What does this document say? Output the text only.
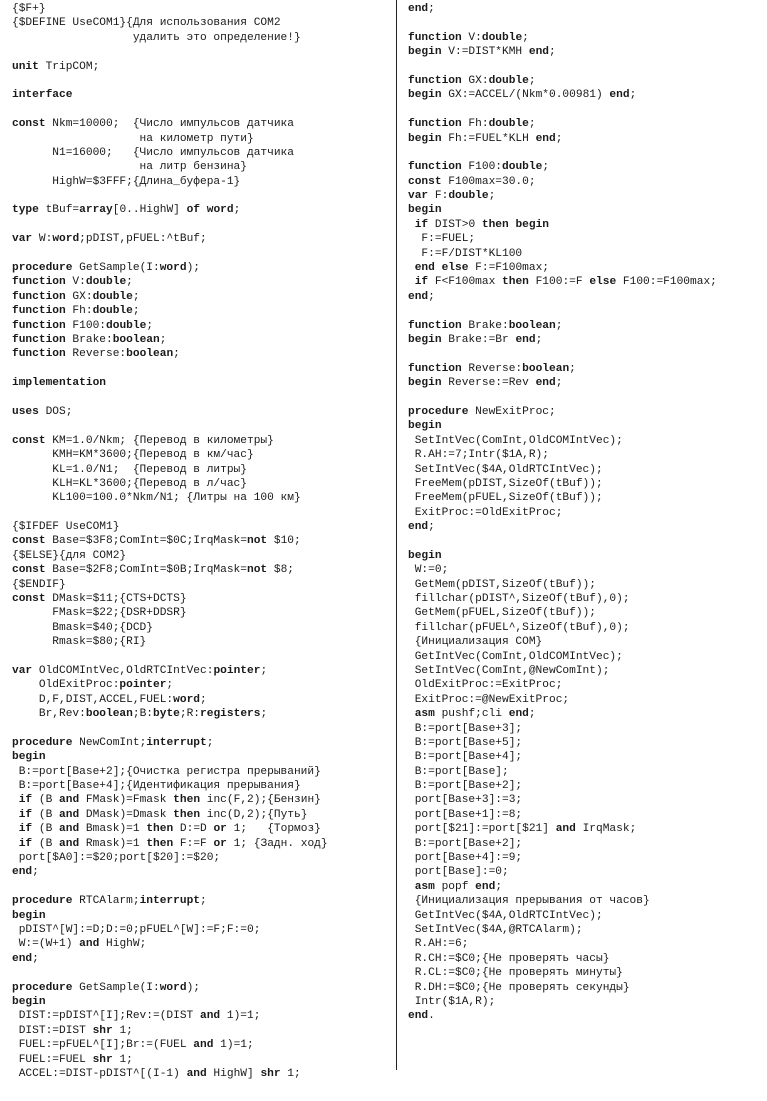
{$F+}
{$DEFINE UseCOM1}{Для использования COM2
удалить это определение!}

unit TripCOM;

interface

const Nkm=10000;  {Число импульсов датчика
на километр пути}
N1=16000;   {Число импульсов датчика
на литр бензина}
HighW=$3FFF;{Длина_буфера-1}

type tBuf=array[0..HighW] of word;

var W:word;pDIST,pFUEL:^tBuf;

procedure GetSample(I:word);
function V:double;
function GX:double;
function Fh:double;
function F100:double;
function Brake:boolean;
function Reverse:boolean;

implementation

uses DOS;

const KM=1.0/Nkm; {Перевод в километры}
KMH=KM*3600;{Перевод в км/час}
KL=1.0/N1;  {Перевод в литры}
KLH=KL*3600;{Перевод в л/час}
KL100=100.0*Nkm/N1; {Литры на 100 км}

{$IFDEF UseCOM1}
const Base=$3F8;ComInt=$0C;IrqMask=not $10;
{$ELSE}{для COM2}
const Base=$2F8;ComInt=$0B;IrqMask=not $8;
{$ENDIF}
const DMask=$11;{CTS+DCTS}
FMask=$22;{DSR+DDSR}
Bmask=$40;{DCD}
Rmask=$80;{RI}

var OldCOMIntVec,OldRTCIntVec:pointer;
OldExitProc:pointer;
D,F,DIST,ACCEL,FUEL:word;
Br,Rev:boolean;B:byte;R:registers;

procedure NewComInt;interrupt;
begin
B:=port[Base+2];{Очистка регистра прерываний}
B:=port[Base+4];{Идентификация прерывания}
if (B and FMask)=Fmask then inc(F,2);{Бензин}
if (B and DMask)=Dmask then inc(D,2);{Путь}
if (B and Bmask)=1 then D:=D or 1;   {Тормоз}
if (B and Rmask)=1 then F:=F or 1; {Задн. ход}
port[$A0]:=$20;port[$20]:=$20;
end;

procedure RTCAlarm;interrupt;
begin
pDIST^[W]:=D;D:=0;pFUEL^[W]:=F;F:=0;
W:=(W+1) and HighW;
end;

procedure GetSample(I:word);
begin
DIST:=pDIST^[I];Rev:=(DIST and 1)=1;
DIST:=DIST shr 1;
FUEL:=pFUEL^[I];Br:=(FUEL and 1)=1;
FUEL:=FUEL shr 1;
ACCEL:=DIST-pDIST^[(I-1) and HighW] shr 1;
end;

function V:double;
begin V:=DIST*KMH end;

function GX:double;
begin GX:=ACCEL/(Nkm*0.00981) end;

function Fh:double;
begin Fh:=FUEL*KLH end;

function F100:double;
const F100max=30.0;
var F:double;
begin
if DIST>0 then begin
F:=FUEL;
F:=F/DIST*KL100
end else F:=F100max;
if F<F100max then F100:=F else F100:=F100max;
end;

function Brake:boolean;
begin Brake:=Br end;

function Reverse:boolean;
begin Reverse:=Rev end;

procedure NewExitProc;
begin
SetIntVec(ComInt,OldCOMIntVec);
R.AH:=7;Intr($1A,R);
SetIntVec($4A,OldRTCIntVec);
FreeMem(pDIST,SizeOf(tBuf));
FreeMem(pFUEL,SizeOf(tBuf));
ExitProc:=OldExitProc;
end;

begin
W:=0;
GetMem(pDIST,SizeOf(tBuf));
fillchar(pDIST^,SizeOf(tBuf),0);
GetMem(pFUEL,SizeOf(tBuf));
fillchar(pFUEL^,SizeOf(tBuf),0);
{Инициализация COM}
GetIntVec(ComInt,OldCOMIntVec);
SetIntVec(ComInt,@NewComInt);
OldExitProc:=ExitProc;
ExitProc:=@NewExitProc;
asm pushf;cli end;
B:=port[Base+3];
B:=port[Base+5];
B:=port[Base+4];
B:=port[Base];
B:=port[Base+2];
port[Base+3]:=3;
port[Base+1]:=8;
port[$21]:=port[$21] and IrqMask;
B:=port[Base+2];
port[Base+4]:=9;
port[Base]:=0;
asm popf end;
{Инициализация прерывания от часов}
GetIntVec($4A,OldRTCIntVec);
SetIntVec($4A,@RTCAlarm);
R.AH:=6;
R.CH:=$C0;{Не проверять часы}
R.CL:=$C0;{Не проверять минуты}
R.DH:=$C0;{Не проверять секунды}
Intr($1A,R);
end.
